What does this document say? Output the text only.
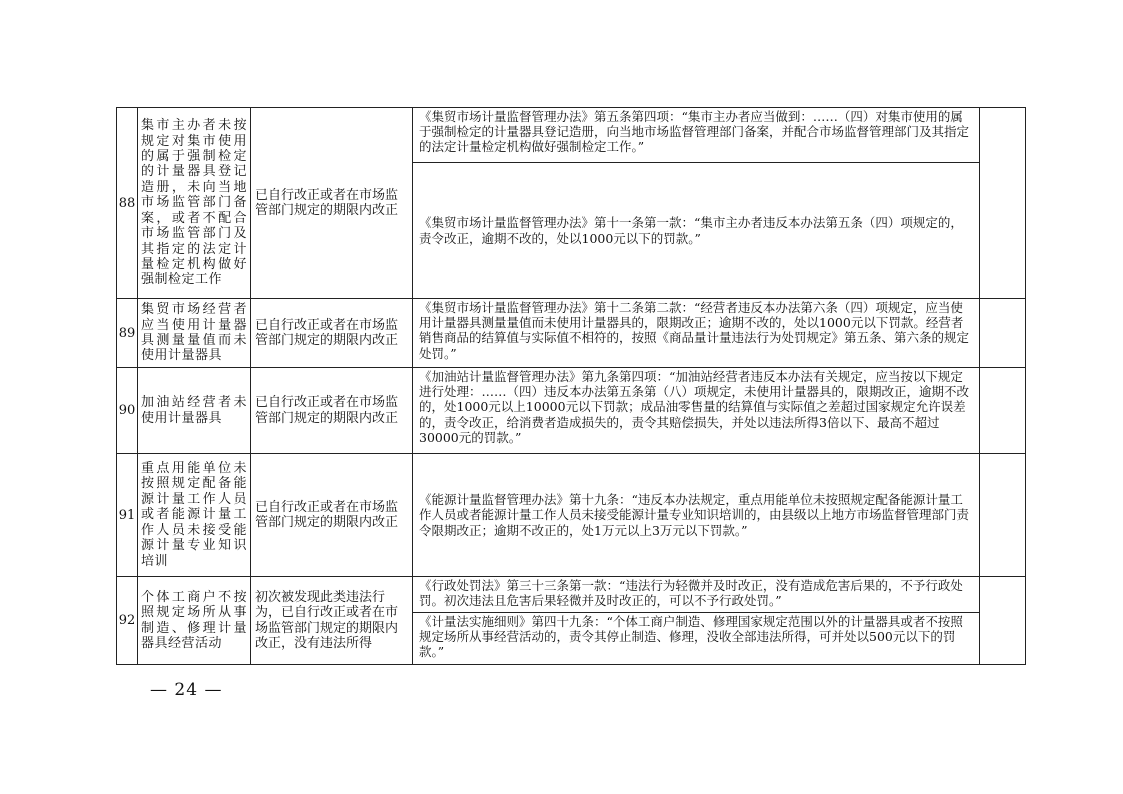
88	集市主办者未按规定对集市使用的属于强制检定的计量器具登记造册，未向当地市场监管部门备案，或者不配合市场监管部门及其指定的法定计量检定机构做好强制检定工作	已自行改正或者在市场监管部门规定的期限内改正	《集贸市场计量监督管理办法》第五条第四项：“集市主办者应当做到：……（四）对集市使用的属于强制检定的计量器具登记造册，向当地市场监督管理部门备案，并配合市场监督管理部门及其指定的法定计量检定机构做好强制检定工作。”	
			《集贸市场计量监督管理办法》第十一条第一款：“集市主办者违反本办法第五条（四）项规定的，责令改正，逾期不改的，处以1000元以下的罚款。”	
89	集贸市场经营者应当使用计量器具测量量值而未使用计量器具	已自行改正或者在市场监管部门规定的期限内改正	《集贸市场计量监督管理办法》第十二条第二款：“经营者违反本办法第六条（四）项规定，应当使用计量器具测量量值而未使用计量器具的，限期改正；逾期不改的，处以1000元以下罚款。经营者销售商品的结算值与实际值不相符的，按照《商品量计量违法行为处罚规定》第五条、第六条的规定处罚。”	
90	加油站经营者未使用计量器具	已自行改正或者在市场监管部门规定的期限内改正	《加油站计量监督管理办法》第九条第四项：“加油站经营者违反本办法有关规定，应当按以下规定进行处理：……（四）违反本办法第五条第（八）项规定，未使用计量器具的，限期改正，逾期不改的，处1000元以上10000元以下罚款；成品油零售量的结算值与实际值之差超过国家规定允许误差的，责令改正，给消费者造成损失的，责令其赔偿损失，并处以违法所得3倍以下、最高不超过30000元的罚款。”	
91	重点用能单位未按照规定配备能源计量工作人员或者能源计量工作人员未接受能源计量专业知识培训	已自行改正或者在市场监管部门规定的期限内改正	《能源计量监督管理办法》第十九条：“违反本办法规定，重点用能单位未按照规定配备能源计量工作人员或者能源计量工作人员未接受能源计量专业知识培训的，由县级以上地方市场监督管理部门责令限期改正；逾期不改正的，处1万元以上3万元以下罚款。”	
92	个体工商户不按照规定场所从事制造、修理计量器具经营活动	初次被发现此类违法行为，已自行改正或者在市场监管部门规定的期限内改正，没有违法所得	《行政处罚法》第三十三条第一款：“违法行为轻微并及时改正，没有造成危害后果的，不予行政处罚。初次违法且危害后果轻微并及时改正的，可以不予行政处罚。”	
			《计量法实施细则》第四十九条：“个体工商户制造、修理国家规定范围以外的计量器具或者不按照规定场所从事经营活动的，责令其停止制造、修理，没收全部违法所得，可并处以500元以下的罚款。”	
— 24 —
